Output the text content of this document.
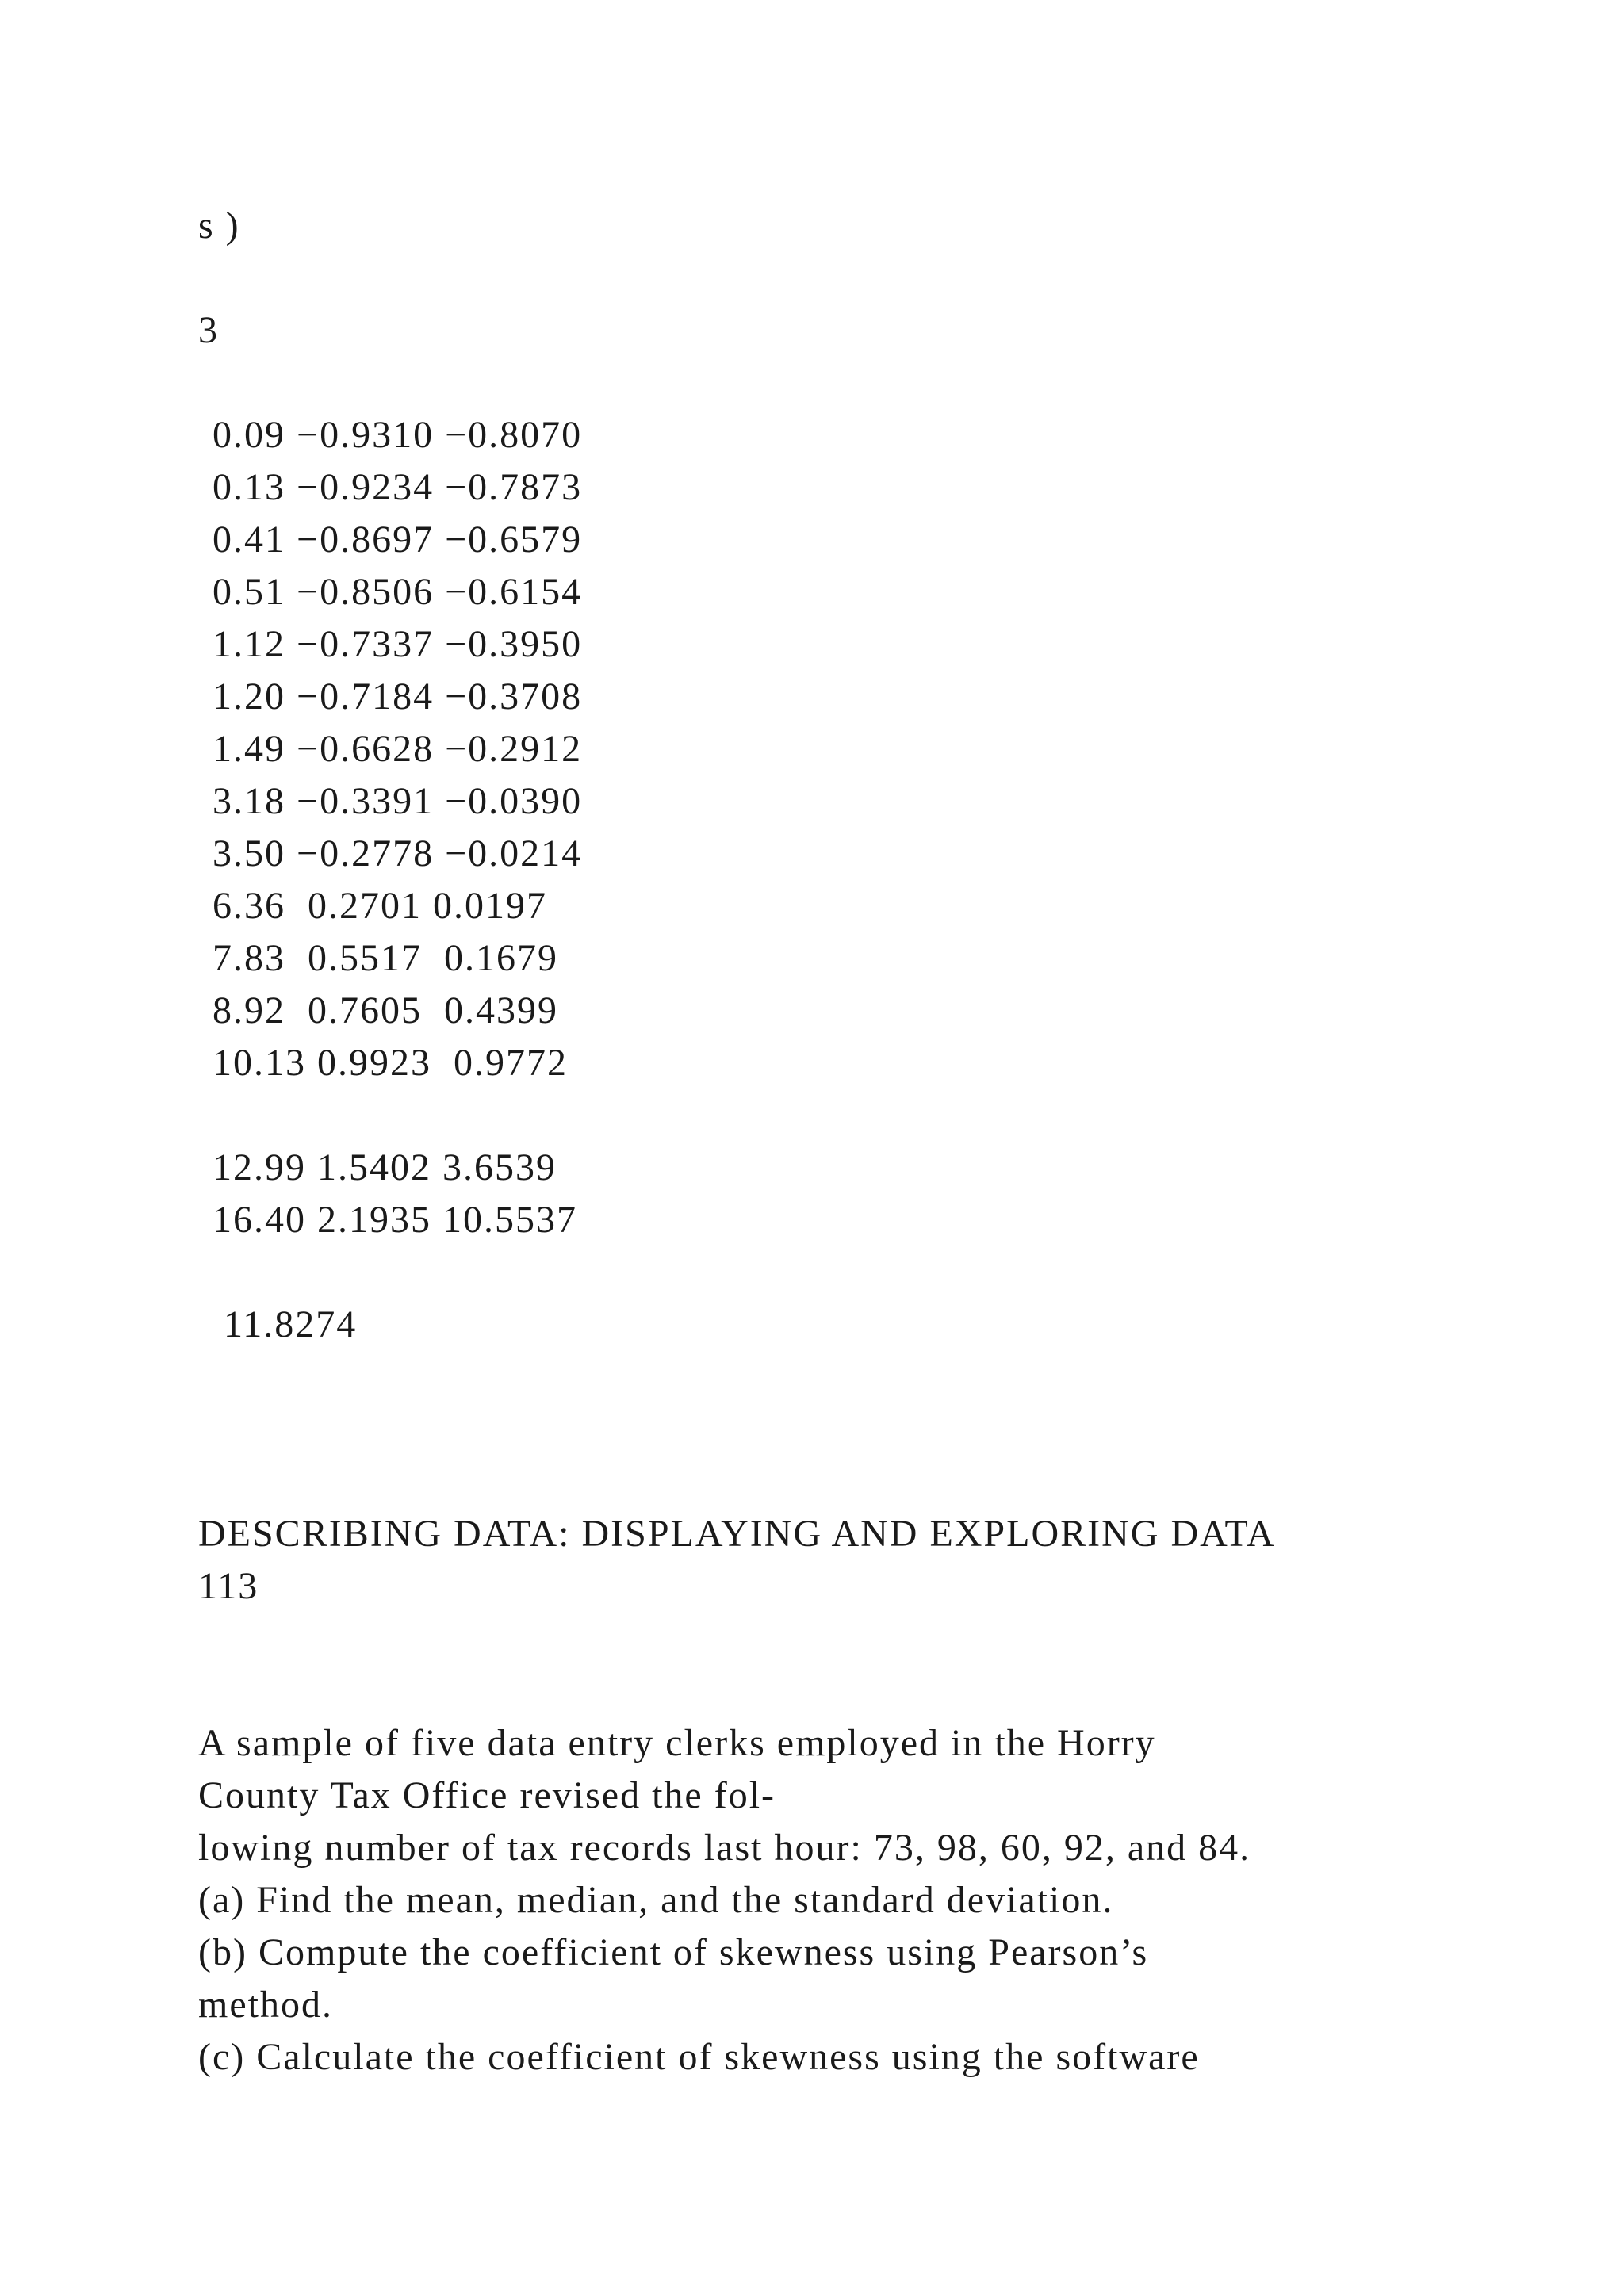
s )

3

0.09 −0.9310 −0.8070

0.13 −0.9234 −0.7873

0.41 −0.8697 −0.6579

0.51 −0.8506 −0.6154

1.12 −0.7337 −0.3950

1.20 −0.7184 −0.3708

1.49 −0.6628 −0.2912

3.18 −0.3391 −0.0390

3.50 −0.2778 −0.0214

6.36  0.2701 0.0197

7.83  0.5517  0.1679

8.92  0.7605  0.4399

10.13 0.9923  0.9772

12.99 1.5402 3.6539

16.40 2.1935 10.5537

11.8274

DESCRIBING DATA: DISPLAYING AND EXPLORING DATA

113

A sample of five data entry clerks employed in the Horry

County Tax Office revised the fol-

lowing number of tax records last hour: 73, 98, 60, 92, and 84.

(a) Find the mean, median, and the standard deviation.

(b) Compute the coefficient of skewness using Pearson’s

method.

(c) Calculate the coefficient of skewness using the software
